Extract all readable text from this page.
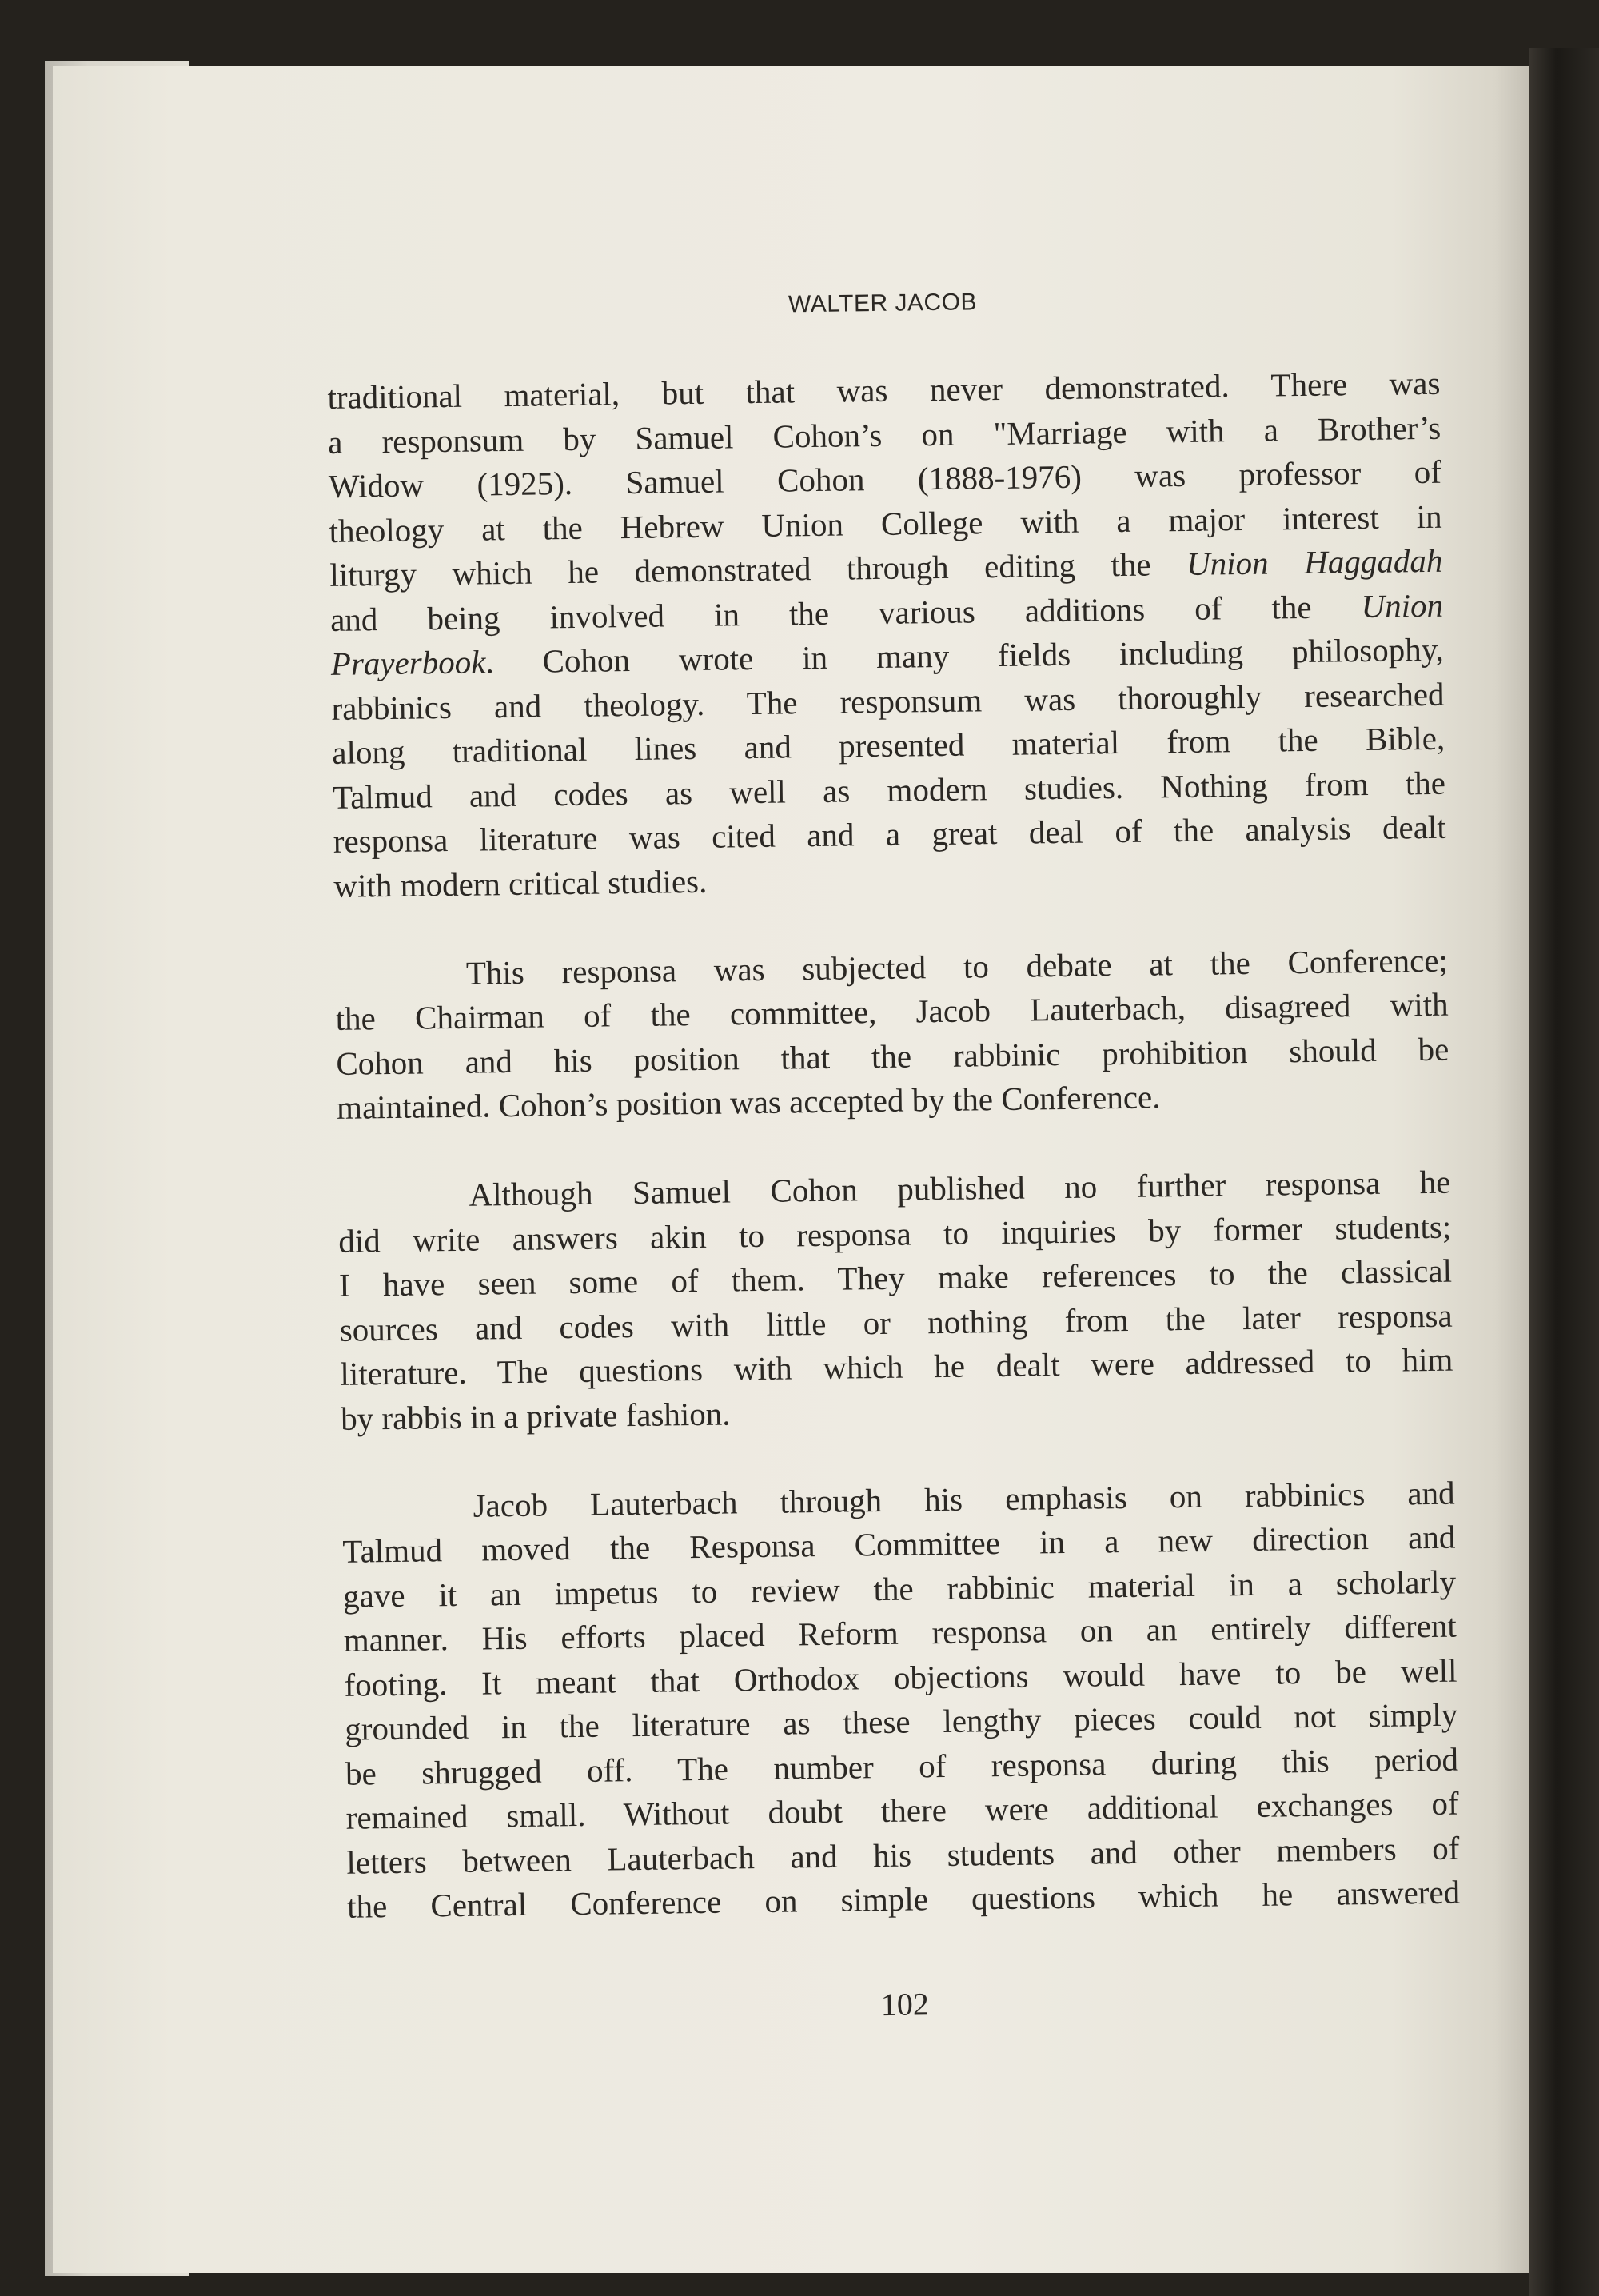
WALTER JACOB
traditional material, but that was never demonstrated. There was
a responsum by Samuel Cohon’s on "Marriage with a Brother’s
Widow (1925). Samuel Cohon (1888-1976) was professor of
theology at the Hebrew Union College with a major interest in
liturgy which he demonstrated through editing the Union Haggadah
and being involved in the various additions of the Union
Prayerbook. Cohon wrote in many fields including philosophy,
rabbinics and theology. The responsum was thoroughly researched
along traditional lines and presented material from the Bible,
Talmud and codes as well as modern studies. Nothing from the
responsa literature was cited and a great deal of the analysis dealt
with modern critical studies.
This responsa was subjected to debate at the Conference;
the Chairman of the committee, Jacob Lauterbach, disagreed with
Cohon and his position that the rabbinic prohibition should be
maintained. Cohon’s position was accepted by the Conference.
Although Samuel Cohon published no further responsa he
did write answers akin to responsa to inquiries by former students;
I have seen some of them. They make references to the classical
sources and codes with little or nothing from the later responsa
literature. The questions with which he dealt were addressed to him
by rabbis in a private fashion.
Jacob Lauterbach through his emphasis on rabbinics and
Talmud moved the Responsa Committee in a new direction and
gave it an impetus to review the rabbinic material in a scholarly
manner. His efforts placed Reform responsa on an entirely different
footing. It meant that Orthodox objections would have to be well
grounded in the literature as these lengthy pieces could not simply
be shrugged off. The number of responsa during this period
remained small. Without doubt there were additional exchanges of
letters between Lauterbach and his students and other members of
the Central Conference on simple questions which he answered
102
